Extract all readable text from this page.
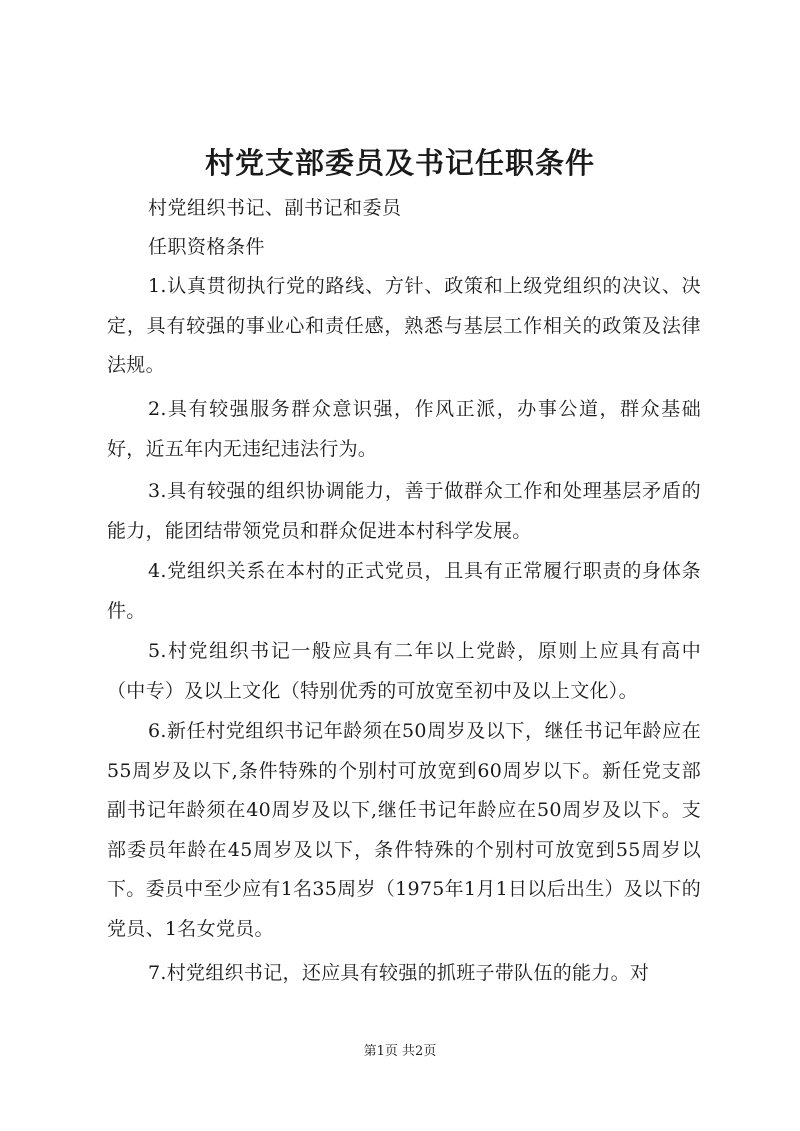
村党支部委员及书记任职条件
村党组织书记、副书记和委员
任职资格条件
1.认真贯彻执行党的路线、方针、政策和上级党组织的决议、决定，具有较强的事业心和责任感，熟悉与基层工作相关的政策及法律法规。
2.具有较强服务群众意识强，作风正派，办事公道，群众基础好，近五年内无违纪违法行为。
3.具有较强的组织协调能力，善于做群众工作和处理基层矛盾的能力，能团结带领党员和群众促进本村科学发展。
4.党组织关系在本村的正式党员，且具有正常履行职责的身体条件。
5.村党组织书记一般应具有二年以上党龄，原则上应具有高中（中专）及以上文化（特别优秀的可放宽至初中及以上文化）。
6.新任村党组织书记年龄须在50周岁及以下，继任书记年龄应在55周岁及以下,条件特殊的个别村可放宽到60周岁以下。新任党支部副书记年龄须在40周岁及以下,继任书记年龄应在50周岁及以下。支部委员年龄在45周岁及以下，条件特殊的个别村可放宽到55周岁以下。委员中至少应有1名35周岁（1975年1月1日以后出生）及以下的党员、1名女党员。
7.村党组织书记，还应具有较强的抓班子带队伍的能力。对
第1页 共2页
